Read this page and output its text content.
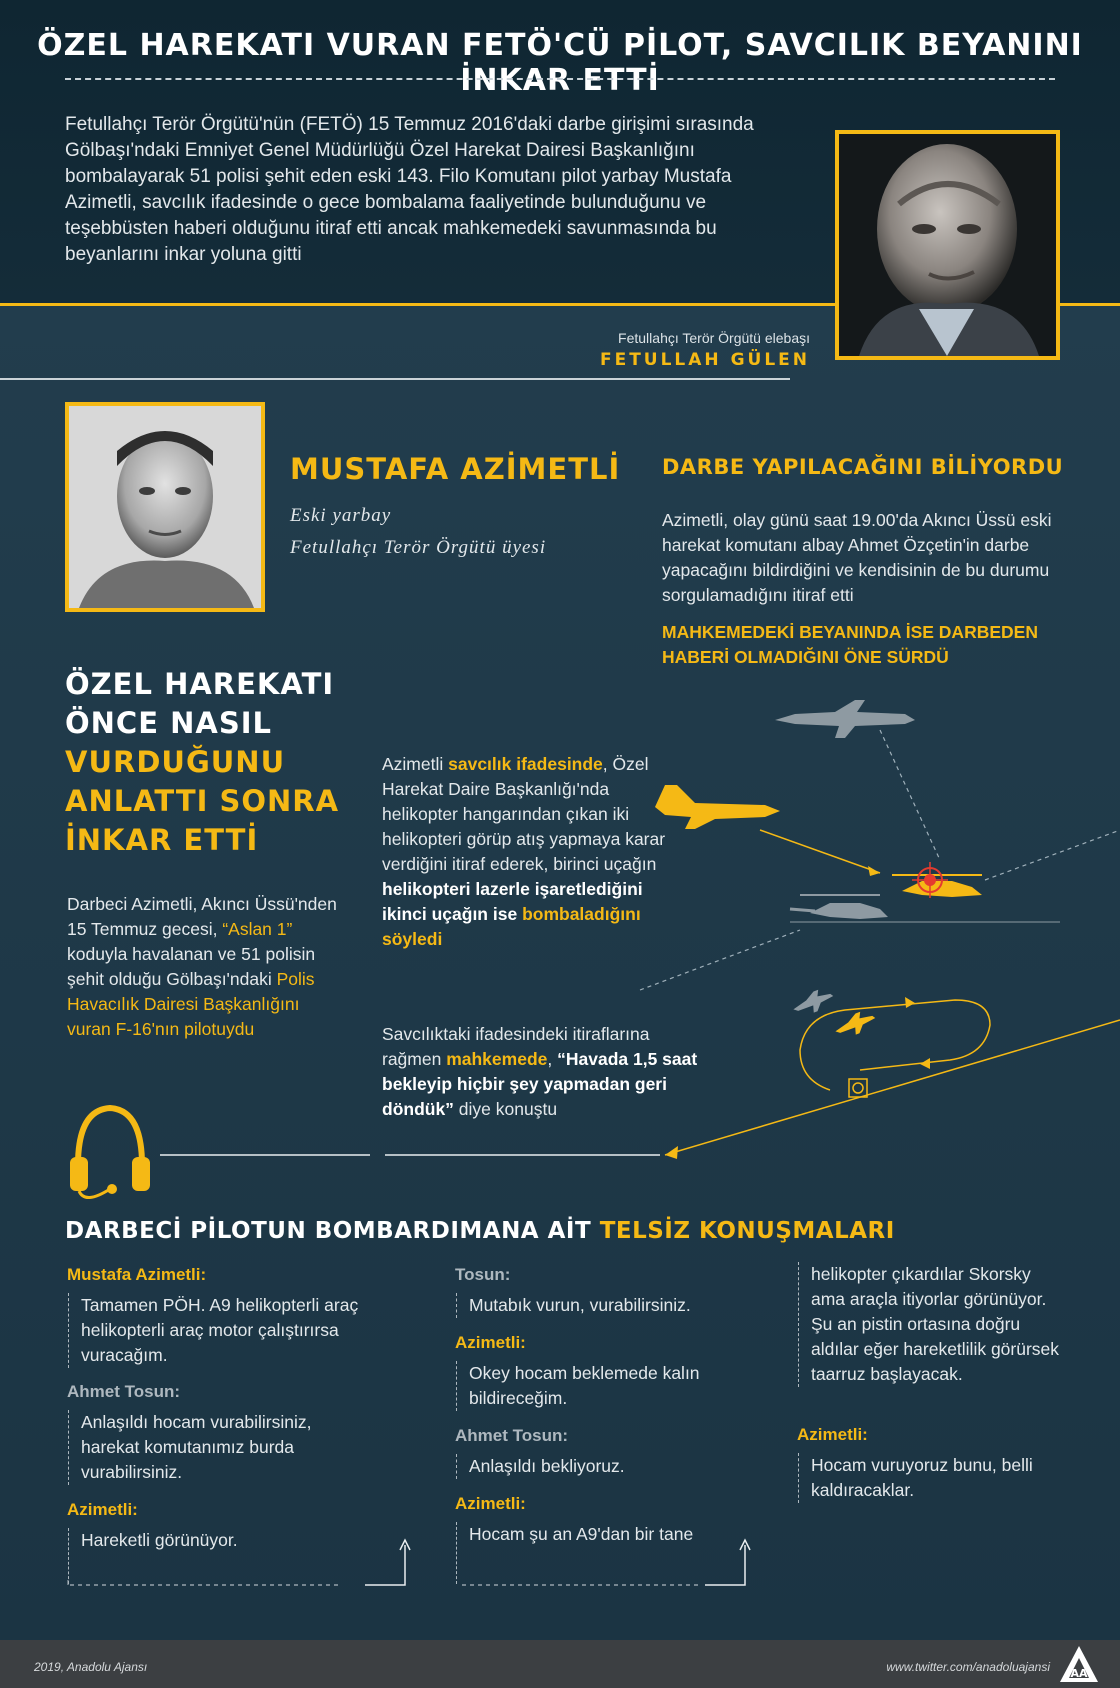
ÖZEL HAREKATI VURAN FETÖ'CÜ PİLOT, SAVCILIK BEYANINI İNKAR ETTİ

Fetullahçı Terör Örgütü'nün (FETÖ) 15 Temmuz 2016'daki darbe girişimi sırasında Gölbaşı'ndaki Emniyet Genel Müdürlüğü Özel Harekat Dairesi Başkanlığını bombalayarak 51 polisi şehit eden eski 143. Filo Komutanı pilot yarbay Mustafa Azimetli, savcılık ifadesinde o gece bombalama faaliyetinde bulunduğunu ve teşebbüsten haberi olduğunu itiraf etti ancak mahkemedeki savunmasında bu beyanlarını inkar yoluna gitti

Fetullahçı Terör Örgütü elebaşı
FETULLAH GÜLEN
MUSTAFA AZİMETLİ
Eski yarbay
Fetullahçı Terör Örgütü üyesi
DARBE YAPILACAĞINI BİLİYORDU

Azimetli, olay günü saat 19.00'da Akıncı Üssü eski harekat komutanı albay Ahmet Özçetin'in darbe yapacağını bildirdiğini ve kendisinin de bu durumu sorgulamadığını itiraf etti

MAHKEMEDEKİ BEYANINDA İSE DARBEDEN HABERİ OLMADIĞINI ÖNE SÜRDÜ

ÖZEL HAREKATI
ÖNCE NASIL
VURDUĞUNU
ANLATTI SONRA
İNKAR ETTİ

Darbeci Azimetli, Akıncı Üssü'nden 15 Temmuz gecesi, “Aslan 1” koduyla havalanan ve 51 polisin şehit olduğu Gölbaşı'ndaki Polis Havacılık Dairesi Başkanlığını vuran F-16'nın pilotuydu

Azimetli savcılık ifadesinde, Özel Harekat Daire Başkanlığı'nda helikopter hangarından çıkan iki helikopteri görüp atış yapmaya karar verdiğini itiraf ederek, birinci uçağın helikopteri lazerle işaretlediğini ikinci uçağın ise bombaladığını söyledi

Savcılıktaki ifadesindeki itiraflarına rağmen mahkemede, “Havada 1,5 saat bekleyip hiçbir şey yapmadan geri döndük” diye konuştu

DARBECİ PİLOTUN BOMBARDIMANA AİT TELSİZ KONUŞMALARI
Mustafa Azimetli:

Tamamen PÖH. A9 helikopterli araç helikopterli araç motor çalıştırırsa vuracağım.

Ahmet Tosun:

Anlaşıldı hocam vurabilirsiniz, harekat komutanımız burda vurabilirsiniz.

Azimetli:

Hareketli görünüyor.

Tosun:

Mutabık vurun, vurabilirsiniz.

Azimetli:

Okey hocam beklemede kalın bildireceğim.

Ahmet Tosun:

Anlaşıldı bekliyoruz.

Azimetli:

Hocam şu an A9'dan bir tane

helikopter çıkardılar Skorsky ama araçla itiyorlar görünüyor. Şu an pistin ortasına doğru aldılar eğer hareketlilik görürsek taarruz başlayacak.

Azimetli:

Hocam vuruyoruz bunu, belli kaldıracaklar.

2019, Anadolu Ajansı	www.twitter.com/anadoluajansi AA
